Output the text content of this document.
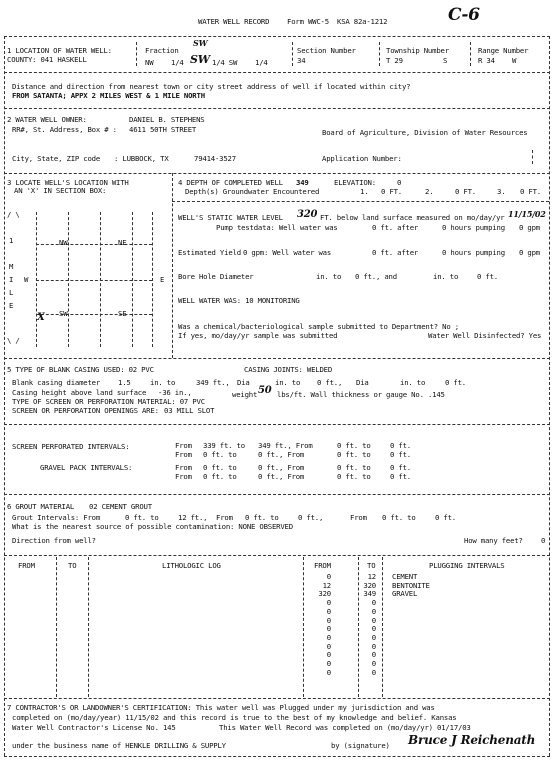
C-6
WATER WELL RECORD Form WWC-5 KSA 82a-1212
1 LOCATION OF WATER WELL:
COUNTY: 041 HASKELL
Fraction
SW
NW 1/4 SW 1/4 SW 1/4
Section Number
34
Township Number
T 29	S
Range Number
R 34 W
Distance and direction from nearest town or city street address of well if located within city?
FROM SATANTA; APPX 2 MILES WEST & 1 MILE NORTH
2 WATER WELL OWNER:	DANIEL B. STEPHENS
RR#, St. Address, Box # : 4611 50TH STREET	Board of Agriculture, Division of Water Resources
City, State, ZIP code : LUBBOCK, TX	79414-3527	Application Number:
3 LOCATE WELL'S LOCATION WITH
AN 'X' IN SECTION BOX:
/ \
1
M
I
L
E
\ /
W	E
NW	NE
SW	SE
X
4 DEPTH OF COMPLETED WELL 349	ELEVATION:	0
Depth(s) Groundwater Encountered	1. 0 FT.	2.	0 FT.	3. 0 FT.
WELL'S STATIC WATER LEVEL 320 FT. below land surface measured on mo/day/yr 11/15/02
Pump testdata: Well water was	0 ft. after	0 hours pumping 0 gpm
Estimated Yield 0 gpm: Well water was	0 ft. after	0 hours pumping 0 gpm
Bore Hole Diameter	in. to 0 ft., and	in. to	0 ft.
WELL WATER WAS: 10 MONITORING
Was a chemical/bacteriological sample submitted to Department? No ;
If yes, mo/day/yr sample was submitted	Water Well Disinfected? Yes
5 TYPE OF BLANK CASING USED: 02 PVC	CASING JOINTS: WELDED
Blank casing diameter 1.5	in. to	349 ft., Dia	in. to 0 ft., Dia	in. to	0 ft.
Casing height above land surface -36 in.,	weight 50 lbs/ft. Wall thickness or gauge No. .145
TYPE OF SCREEN OR PERFORATION MATERIAL: 07 PVC
SCREEN OR PERFORATION OPENINGS ARE: 03 MILL SLOT
SCREEN PERFORATED INTERVALS:	From 339 ft. to 349 ft., From	0 ft. to	0 ft.
From 0 ft. to	0 ft., From	0 ft. to	0 ft.
GRAVEL PACK INTERVALS:	From 0 ft. to	0 ft., From	0 ft. to	0 ft.
From 0 ft. to	0 ft., From	0 ft. to	0 ft.
6 GROUT MATERIAL 02 CEMENT GROUT
Grout Intervals: From	0 ft. to	12 ft., From 0 ft. to	0 ft.,	From 0 ft. to	0 ft.
What is the nearest source of possible contamination: NONE OBSERVED
Direction from well?	How many feet?	0
FROM	TO	LITHOLOGIC LOG	FROM	TO	PLUGGING INTERVALS
0	12 CEMENT
12	320 BENTONITE
320	349 GRAVEL
0	0
0	0
0	0
0	0
0	0
0	0
0	0
0	0
0	0
7 CONTRACTOR'S OR LANDOWNER'S CERTIFICATION: This water well was Plugged under my jurisdiction and was
completed on (mo/day/year) 11/15/02 and this record is true to the best of my knowledge and belief. Kansas
Water Well Contractor's License No. 145	This Water Well Record was completed on (mo/day/yr) 01/17/03
under the business name of HENKLE DRILLING & SUPPLY	by (signature) Bruce J Reichenath
